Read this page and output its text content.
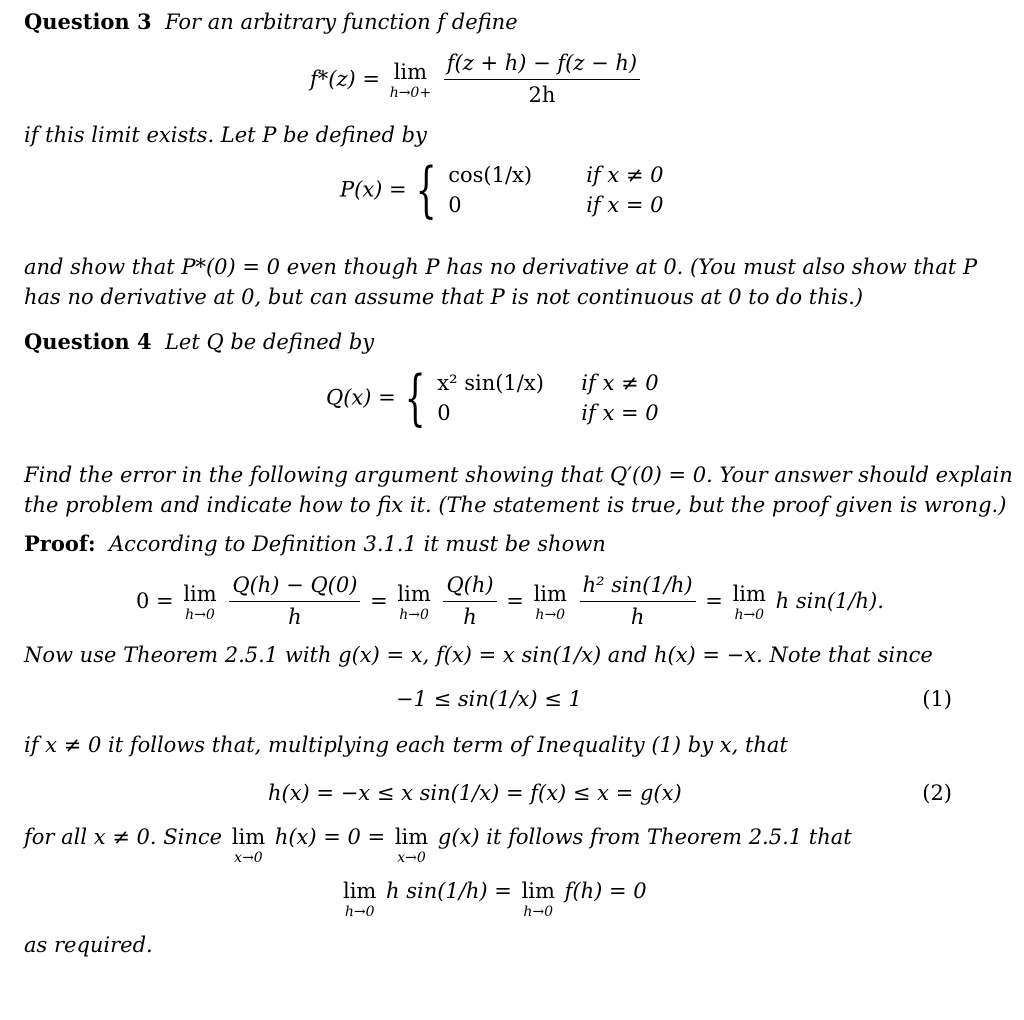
Question 3 For an arbitrary function f define
f*(z) = lim
h→0+
$\frac{f(z + h) - f(z - h)}{2h}$
if this limit exists. Let P be defined by
P(x) = { cos(1/x)	if x ≠ 0
0	if x = 0
and show that P*(0) = 0 even though P has no derivative at 0. (You must also show that P
has no derivative at 0, but can assume that P is not continuous at 0 to do this.)
Question 4 Let Q be defined by
Q(x) = { x² sin(1/x) if x ≠ 0
0	if x = 0
Find the error in the following argument showing that Q′(0) = 0. Your answer should explain
the problem and indicate how to fix it. (The statement is true, but the proof given is wrong.)
Proof: According to Definition 3.1.1 it must be shown
0 = lim
h→0
$\frac{Q(h) - Q(0)}{h} = \lim$
h→0
$\frac{Q(h)}{h} = \lim$
h→0
$\frac{\text{h² sin(1/h)}}{h} = \lim$
h→0
h sin(1/h).
Now use Theorem 2.5.1 with g(x) = x, f(x) = x sin(1/x) and h(x) = −x. Note that since
−1 ≤ sin(1/x) ≤ 1	(1)
if x ≠ 0 it follows that, multiplying each term of Inequality (1) by x, that
h(x) = −x ≤ x sin(1/x) = f(x) ≤ x = g(x)	(2)
for all x ≠ 0. Since lim
x→0
h(x) = 0 = lim
x→0
g(x) it follows from Theorem 2.5.1 that
lim
h→0
h sin(1/h) = lim
h→0
f(h) = 0
as required.
